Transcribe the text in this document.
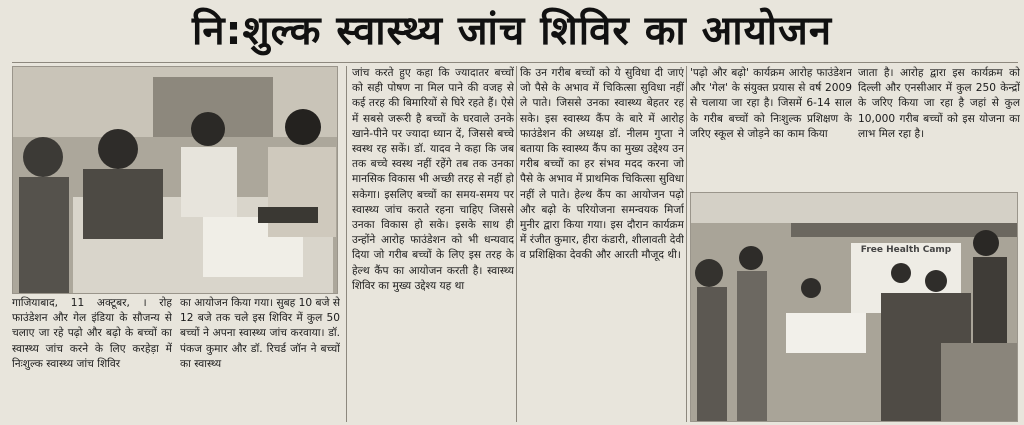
नि:शुल्क स्वास्थ्य जांच शिविर का आयोजन
Free Health Camp

गाजियाबाद, 11 अक्टूबर, । रोह फाउंडेशन और गेल इंडिया के सौजन्य से चलाए जा रहे पढ़ो और बढ़ो के बच्चों का स्वास्थ्य जांच करने के लिए करहेड़ा में निःशुल्क स्वास्थ्य जांच शिविर

का आयोजन किया गया। सुबह 10 बजे से 12 बजे तक चले इस शिविर में कुल 50 बच्चों ने अपना स्वास्थ्य जांच करवाया। डॉ. पंकज कुमार और डॉ. रिचर्ड जॉन ने बच्चों का स्वास्थ्य

जांच करते हुए कहा कि ज्यादातर बच्चों को सही पोषण ना मिल पाने की वजह से कई तरह की बिमारियों से घिरे रहते हैं। ऐसे में सबसे जरूरी है बच्चों के घरवाले उनके खाने-पीने पर ज्यादा ध्यान दें, जिससे बच्चे स्वस्थ रह सकें। डॉ. यादव ने कहा कि जब तक बच्चे स्वस्थ नहीं रहेंगे तब तक उनका मानसिक विकास भी अच्छी तरह से नहीं हो सकेगा। इसलिए बच्चों का समय-समय पर स्वास्थ्य जांच कराते रहना चाहिए जिससे उनका विकास हो सके। इसके साथ ही उन्होंने आरोह फाउंडेशन को भी धन्यवाद दिया जो गरीब बच्चों के लिए इस तरह के हेल्थ कैंप का आयोजन करती है। स्वास्थ्य शिविर का मुख्य उद्देश्य यह था

कि उन गरीब बच्चों को ये सुविधा दी जाएं जो पैसे के अभाव में चिकित्सा सुविधा नहीं ले पाते। जिससे उनका स्वास्थ्य बेहतर रह सके। इस स्वास्थ्य कैंप के बारे में आरोह फाउंडेशन की अध्यक्ष डॉ. नीलम गुप्ता ने बताया कि स्वास्थ्य कैंप का मुख्य उद्देश्य उन गरीब बच्चों का हर संभव मदद करना जो पैसे के अभाव में प्राथमिक चिकित्सा सुविधा नहीं ले पाते। हेल्थ कैंप का आयोजन पढ़ो और बढ़ो के परियोजना समन्वयक मिर्जा मुनीर द्वारा किया गया। इस दौरान कार्यक्रम में रंजीत कुमार, हीरा कंडारी, शीलावती देवी व प्रशिक्षिका देवकी और आरती मौजूद थी।

'पढ़ो और बढ़ो' कार्यक्रम आरोह फाउंडेशन और 'गेल' के संयुक्त प्रयास से वर्ष 2009 से चलाया जा रहा है। जिसमें 6-14 साल के गरीब बच्चों को निःशुल्क प्रशिक्षण के जरिए स्कूल से जोड़ने का काम किया

जाता है। आरोह द्वारा इस कार्यक्रम को दिल्ली और एनसीआर में कुल 250 केन्द्रों के जरिए किया जा रहा है जहां से कुल 10,000 गरीब बच्चों को इस योजना का लाभ मिल रहा है।
